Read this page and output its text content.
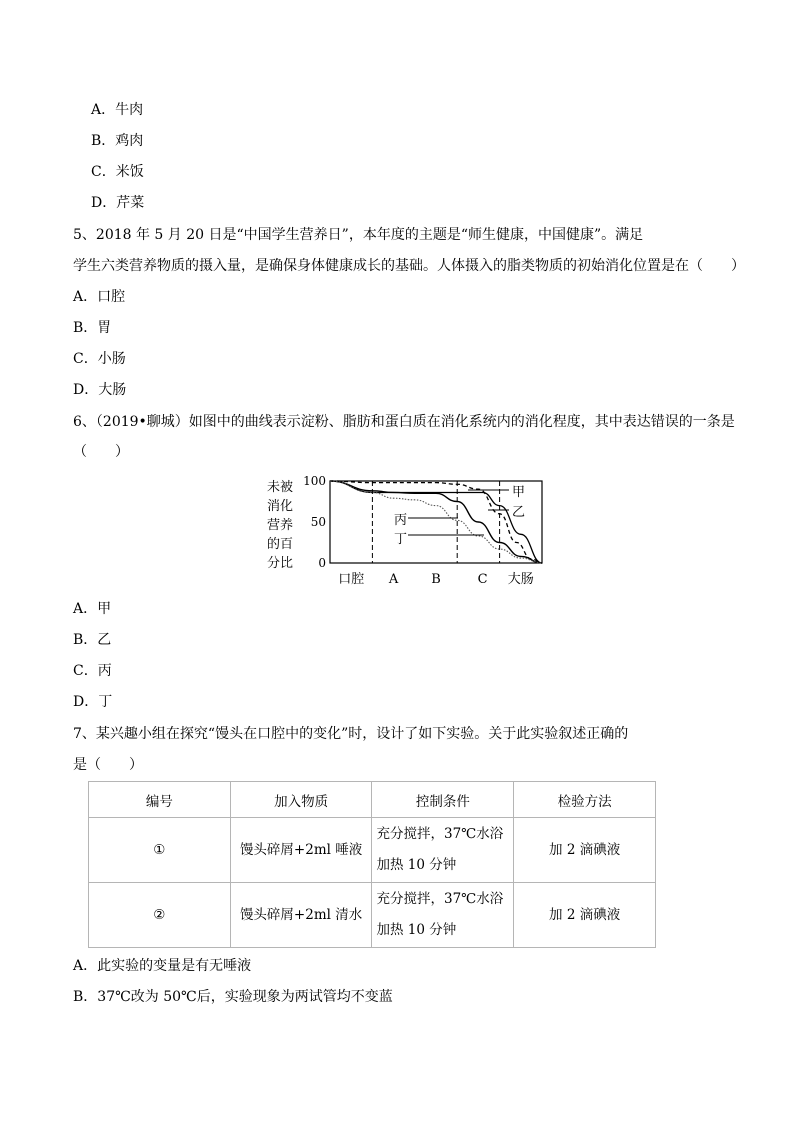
A．牛肉
B．鸡肉
C．米饭
D．芹菜
5、2018 年 5 月 20 日是“中国学生营养日”，本年度的主题是“师生健康，中国健康”。满足
学生六类营养物质的摄入量，是确保身体健康成长的基础。人体摄入的脂类物质的初始消化位置是在（　　）
A．口腔
B．胃
C．小肠
D．大肠
6、（2019•聊城）如图中的曲线表示淀粉、脂肪和蛋白质在消化系统内的消化程度，其中表达错误的一条是
（　　）
未被
消化
营养
的百
分比
100
50
0
口腔 A	B	C 大肠
甲
乙
丙
丁
A．甲
B．乙
C．丙
D．丁
7、某兴趣小组在探究“馒头在口腔中的变化”时，设计了如下实验。关于此实验叙述正确的
是（　　）
编号	加入物质	控制条件	检验方法
①	馒头碎屑+2ml 唾液	充分搅拌，37℃水浴加热 10 分钟	加 2 滴碘液
②	馒头碎屑+2ml 清水	充分搅拌，37℃水浴加热 10 分钟	加 2 滴碘液
A．此实验的变量是有无唾液
B．37℃改为 50℃后，实验现象为两试管均不变蓝
